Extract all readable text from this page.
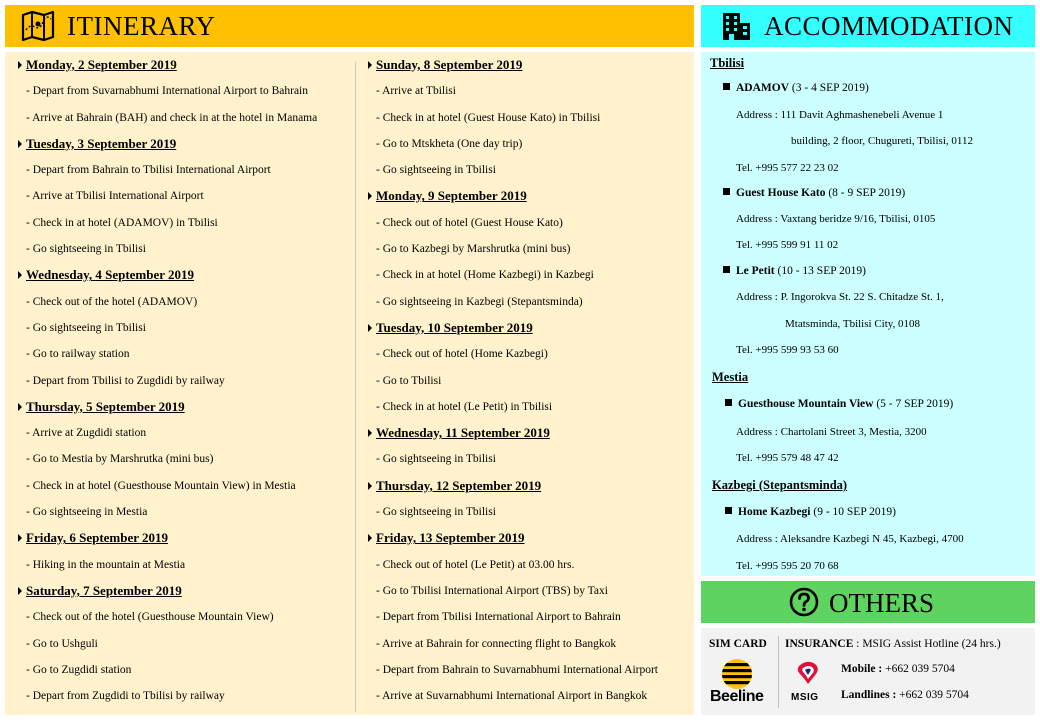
ITINERARY
Monday, 2 September 2019
- Depart from Suvarnabhumi International Airport to Bahrain
- Arrive at Bahrain (BAH) and check in at the hotel in Manama
Tuesday, 3 September 2019
- Depart from Bahrain to Tbilisi International Airport
- Arrive at Tbilisi International Airport
- Check in at hotel (ADAMOV) in Tbilisi
- Go sightseeing in Tbilisi
Wednesday, 4 September 2019
- Check out of the hotel (ADAMOV)
- Go sightseeing in Tbilisi
- Go to railway station
- Depart from Tbilisi to Zugdidi by railway
Thursday, 5 September 2019
- Arrive at Zugdidi station
- Go to Mestia by Marshrutka (mini bus)
- Check in at hotel (Guesthouse Mountain View) in Mestia
- Go sightseeing in Mestia
Friday, 6 September 2019
- Hiking in the mountain at Mestia
Saturday, 7 September 2019
- Check out of the hotel (Guesthouse Mountain View)
- Go to Ushguli
- Go to Zugdidi station
- Depart from Zugdidi to Tbilisi by railway
Sunday, 8 September 2019
- Arrive at Tbilisi
- Check in at hotel (Guest House Kato) in Tbilisi
- Go to Mtskheta (One day trip)
- Go sightseeing in Tbilisi
Monday, 9 September 2019
- Check out of hotel (Guest House Kato)
- Go to Kazbegi by Marshrutka (mini bus)
- Check in at hotel (Home Kazbegi) in Kazbegi
- Go sightseeing in Kazbegi (Stepantsminda)
Tuesday, 10 September 2019
- Check out of hotel (Home Kazbegi)
- Go to Tbilisi
- Check in at hotel (Le Petit) in Tbilisi
Wednesday, 11 September 2019
- Go sightseeing in Tbilisi
Thursday, 12 September 2019
- Go sightseeing in Tbilisi
Friday, 13 September 2019
- Check out of hotel (Le Petit) at 03.00 hrs.
- Go to Tbilisi International Airport (TBS) by Taxi
- Depart from Tbilisi International Airport to Bahrain
- Arrive at Bahrain for connecting flight to Bangkok
- Depart from Bahrain to Suvarnabhumi International Airport
- Arrive at Suvarnabhumi International Airport in Bangkok
ACCOMMODATION
Tbilisi
ADAMOV (3 - 4 SEP 2019)
Address : 111 Davit Aghmashenebeli Avenue 1
building, 2 floor, Chugureti, Tbilisi, 0112
Tel. +995 577 22 23 02
Guest House Kato (8 - 9 SEP 2019)
Address : Vaxtang beridze 9/16, Tbilisi, 0105
Tel. +995 599 91 11 02
Le Petit (10 - 13 SEP 2019)
Address : P. Ingorokva St. 22 S. Chitadze St. 1,
Mtatsminda, Tbilisi City, 0108
Tel. +995 599 93 53 60
Mestia
Guesthouse Mountain View (5 - 7 SEP 2019)
Address : Chartolani Street 3, Mestia, 3200
Tel. +995 579 48 47 42
Kazbegi (Stepantsminda)
Home Kazbegi (9 - 10 SEP 2019)
Address : Aleksandre Kazbegi N 45, Kazbegi, 4700
Tel. +995 595 20 70 68
OTHERS
SIM CARD INSURANCE : MSIG Assist Hotline (24 hrs.)
Beeline	MSIG
Mobile : +662 039 5704
Landlines : +662 039 5704
